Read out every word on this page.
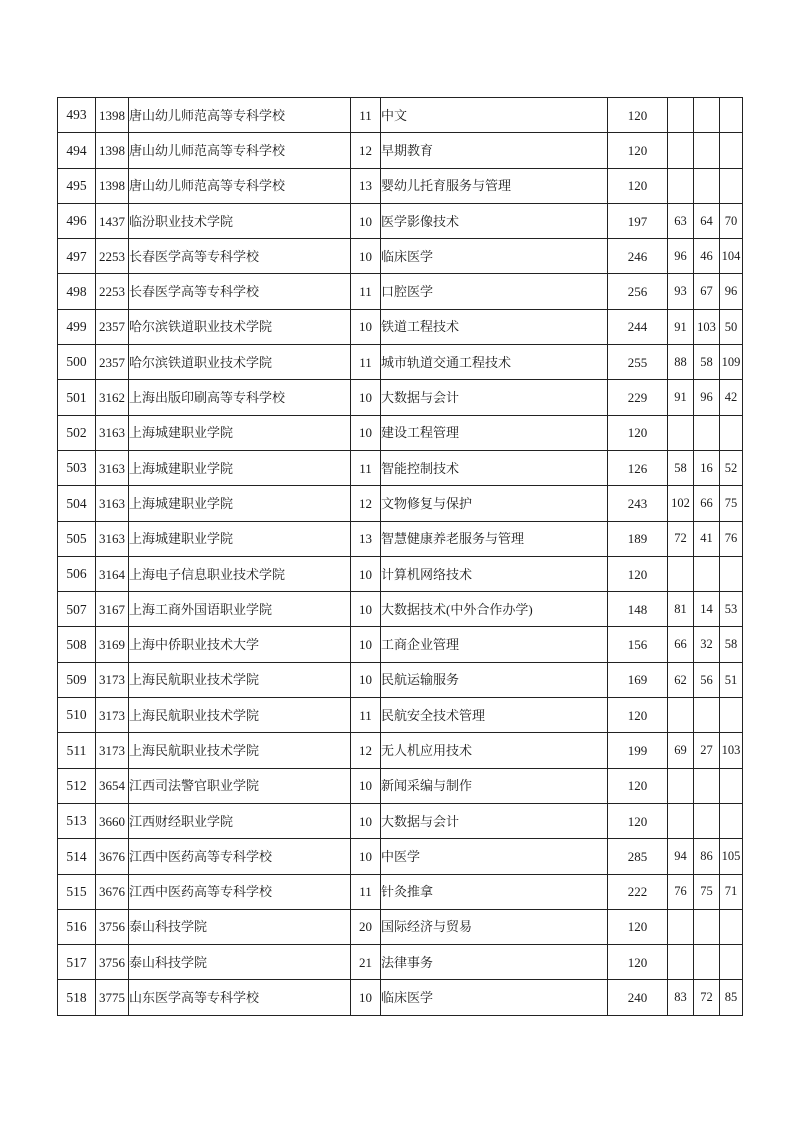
493	1398	唐山幼儿师范高等专科学校	11	中文	120			
494	1398	唐山幼儿师范高等专科学校	12	早期教育	120			
495	1398	唐山幼儿师范高等专科学校	13	婴幼儿托育服务与管理	120			
496	1437	临汾职业技术学院	10	医学影像技术	197	63	64	70
497	2253	长春医学高等专科学校	10	临床医学	246	96	46	104
498	2253	长春医学高等专科学校	11	口腔医学	256	93	67	96
499	2357	哈尔滨铁道职业技术学院	10	铁道工程技术	244	91	103	50
500	2357	哈尔滨铁道职业技术学院	11	城市轨道交通工程技术	255	88	58	109
501	3162	上海出版印刷高等专科学校	10	大数据与会计	229	91	96	42
502	3163	上海城建职业学院	10	建设工程管理	120			
503	3163	上海城建职业学院	11	智能控制技术	126	58	16	52
504	3163	上海城建职业学院	12	文物修复与保护	243	102	66	75
505	3163	上海城建职业学院	13	智慧健康养老服务与管理	189	72	41	76
506	3164	上海电子信息职业技术学院	10	计算机网络技术	120			
507	3167	上海工商外国语职业学院	10	大数据技术(中外合作办学)	148	81	14	53
508	3169	上海中侨职业技术大学	10	工商企业管理	156	66	32	58
509	3173	上海民航职业技术学院	10	民航运输服务	169	62	56	51
510	3173	上海民航职业技术学院	11	民航安全技术管理	120			
511	3173	上海民航职业技术学院	12	无人机应用技术	199	69	27	103
512	3654	江西司法警官职业学院	10	新闻采编与制作	120			
513	3660	江西财经职业学院	10	大数据与会计	120			
514	3676	江西中医药高等专科学校	10	中医学	285	94	86	105
515	3676	江西中医药高等专科学校	11	针灸推拿	222	76	75	71
516	3756	泰山科技学院	20	国际经济与贸易	120			
517	3756	泰山科技学院	21	法律事务	120			
518	3775	山东医学高等专科学校	10	临床医学	240	83	72	85
